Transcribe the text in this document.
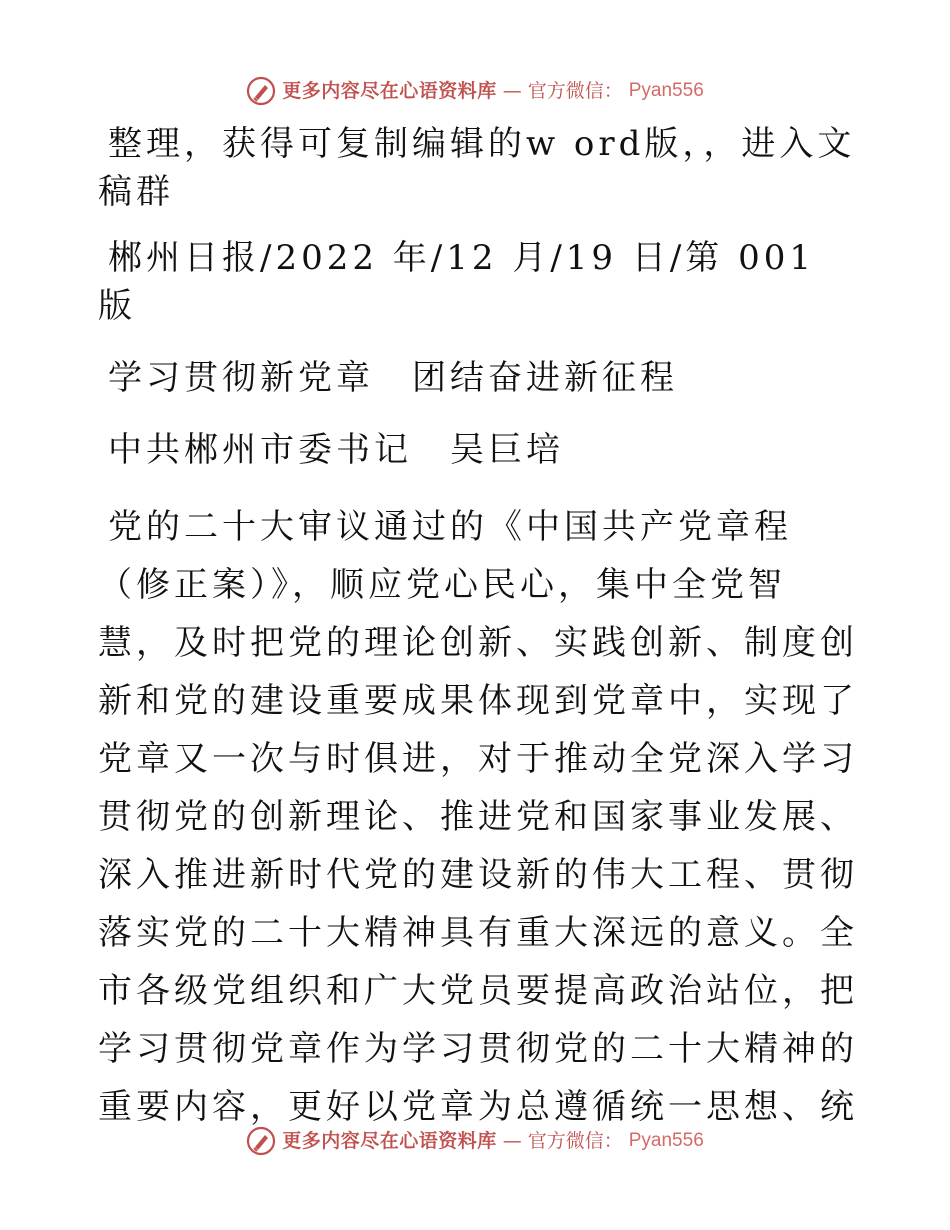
更多内容尽在心语资料库 — 官方微信： Pyan556

整理，获得可复制编辑的w ord版，，进入文稿群

郴州日报/2022 年/12 月/19 日/第 001 版

学习贯彻新党章　团结奋进新征程

中共郴州市委书记　吴巨培

党的二十大审议通过的《中国共产党章程（修正案）》，顺应党心民心，集中全党智慧，及时把党的理论创新、实践创新、制度创新和党的建设重要成果体现到党章中，实现了党章又一次与时俱进，对于推动全党深入学习贯彻党的创新理论、推进党和国家事业发展、深入推进新时代党的建设新的伟大工程、贯彻落实党的二十大精神具有重大深远的意义。全市各级党组织和广大党员要提高政治站位，把学习贯彻党章作为学习贯彻党的二十大精神的重要内容，更好以党章为总遵循统一思想、统

更多内容尽在心语资料库 — 官方微信： Pyan556
